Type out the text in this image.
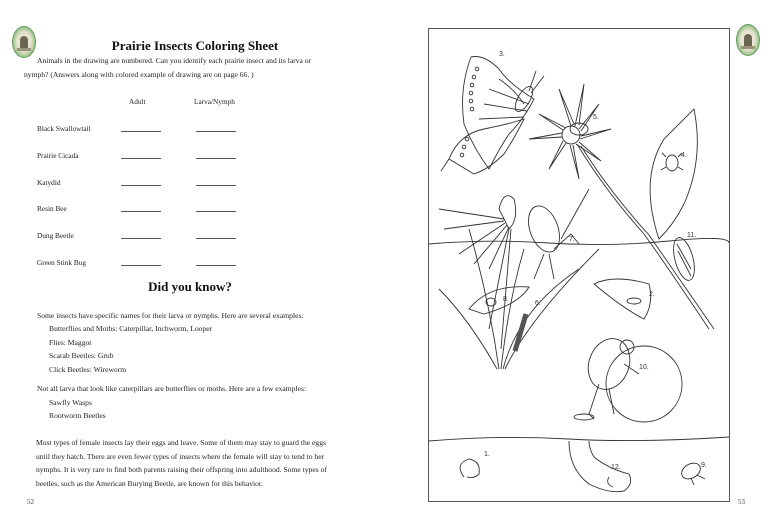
Prairie Insects Coloring Sheet
Animals in the drawing are numbered. Can you identify each prairie insect and its larva or
nymph? (Answers along with colored example of drawing are on page 66. )
Adult	Larva/Nymph
Black Swallowtail
Prairie Cicada
Katydid
Resin Bee
Dung Beetle
Green Stink Bug
Did you know?
Some insects have specific names for their larva or nymphs. Here are several examples:
Butterflies and Moths: Caterpillar, Inchworm, Looper
Flies: Maggot
Scarab Beetles: Grub
Click Beetles: Wireworm
Not all larva that look like caterpillars are butterflies or moths. Here are a few examples:
Sawfly Wasps
Rootworm Beetles
Most types of female insects lay their eggs and leave. Some of them may stay to guard the eggs
until they hatch. There are even fewer types of insects where the female will stay to tend to her
nymphs. It is very rare to find both parents raising their offspring into adulthood. Some types of
beetles, such as the American Burying Beetle, are known for this behavior.
52
3.
5.
4.
11.
7.
8.
6.
2.
10.
1.
12.	9.
53
